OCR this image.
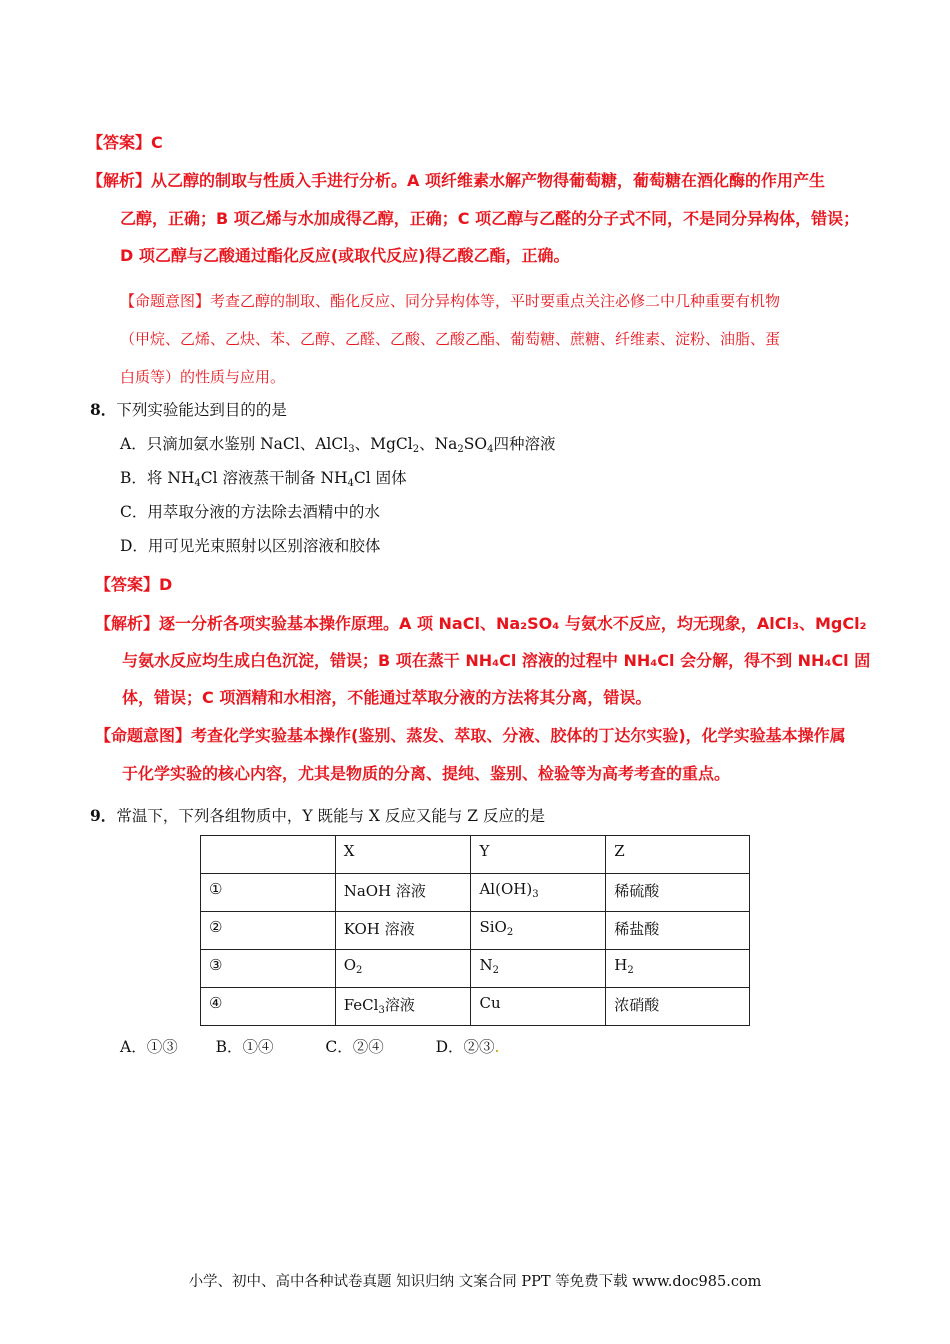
【答案】C
【解析】从乙醇的制取与性质入手进行分析。A 项纤维素水解产物得葡萄糖，葡萄糖在酒化酶的作用产生
乙醇，正确；B 项乙烯与水加成得乙醇，正确；C 项乙醇与乙醛的分子式不同，不是同分异构体，错误；
D 项乙醇与乙酸通过酯化反应(或取代反应)得乙酸乙酯，正确。
【命题意图】考查乙醇的制取、酯化反应、同分异构体等，平时要重点关注必修二中几种重要有机物
（甲烷、乙烯、乙炔、苯、乙醇、乙醛、乙酸、乙酸乙酯、葡萄糖、蔗糖、纤维素、淀粉、油脂、蛋
白质等）的性质与应用。
8．下列实验能达到目的的是
A．只滴加氨水鉴别 NaCl、AlCl$_3$、MgCl$_2$、$Na_2SO_4$四种溶液
B．将 $NH_4Cl$ 溶液蒸干制备 $NH_4Cl$ 固体
C．用萃取分液的方法除去酒精中的水
D．用可见光束照射以区别溶液和胶体
【答案】D
【解析】逐一分析各项实验基本操作原理。A 项 NaCl、Na₂SO₄ 与氨水不反应，均无现象，AlCl₃、MgCl₂
与氨水反应均生成白色沉淀，错误；B 项在蒸干 NH₄Cl 溶液的过程中 NH₄Cl 会分解，得不到 NH₄Cl 固
体，错误；C 项酒精和水相溶，不能通过萃取分液的方法将其分离，错误。
【命题意图】考查化学实验基本操作(鉴别、蒸发、萃取、分液、胶体的丁达尔实验)，化学实验基本操作属
于化学实验的核心内容，尤其是物质的分离、提纯、鉴别、检验等为高考考查的重点。
9．常温下，下列各组物质中，Y 既能与 X 反应又能与 Z 反应的是
	X	Y	Z
①	NaOH 溶液	$Al(OH)_3$	稀硫酸
②	KOH 溶液	SiO$_2$	稀盐酸
③	$O_2$	$N_2$	$H_2$
④	FeCl$_3$溶液	Cu	浓硝酸
A．①③ B．①④	C．②④	D．②③.
小学、初中、高中各种试卷真题 知识归纳 文案合同 PPT 等免费下载 www.doc985.com
